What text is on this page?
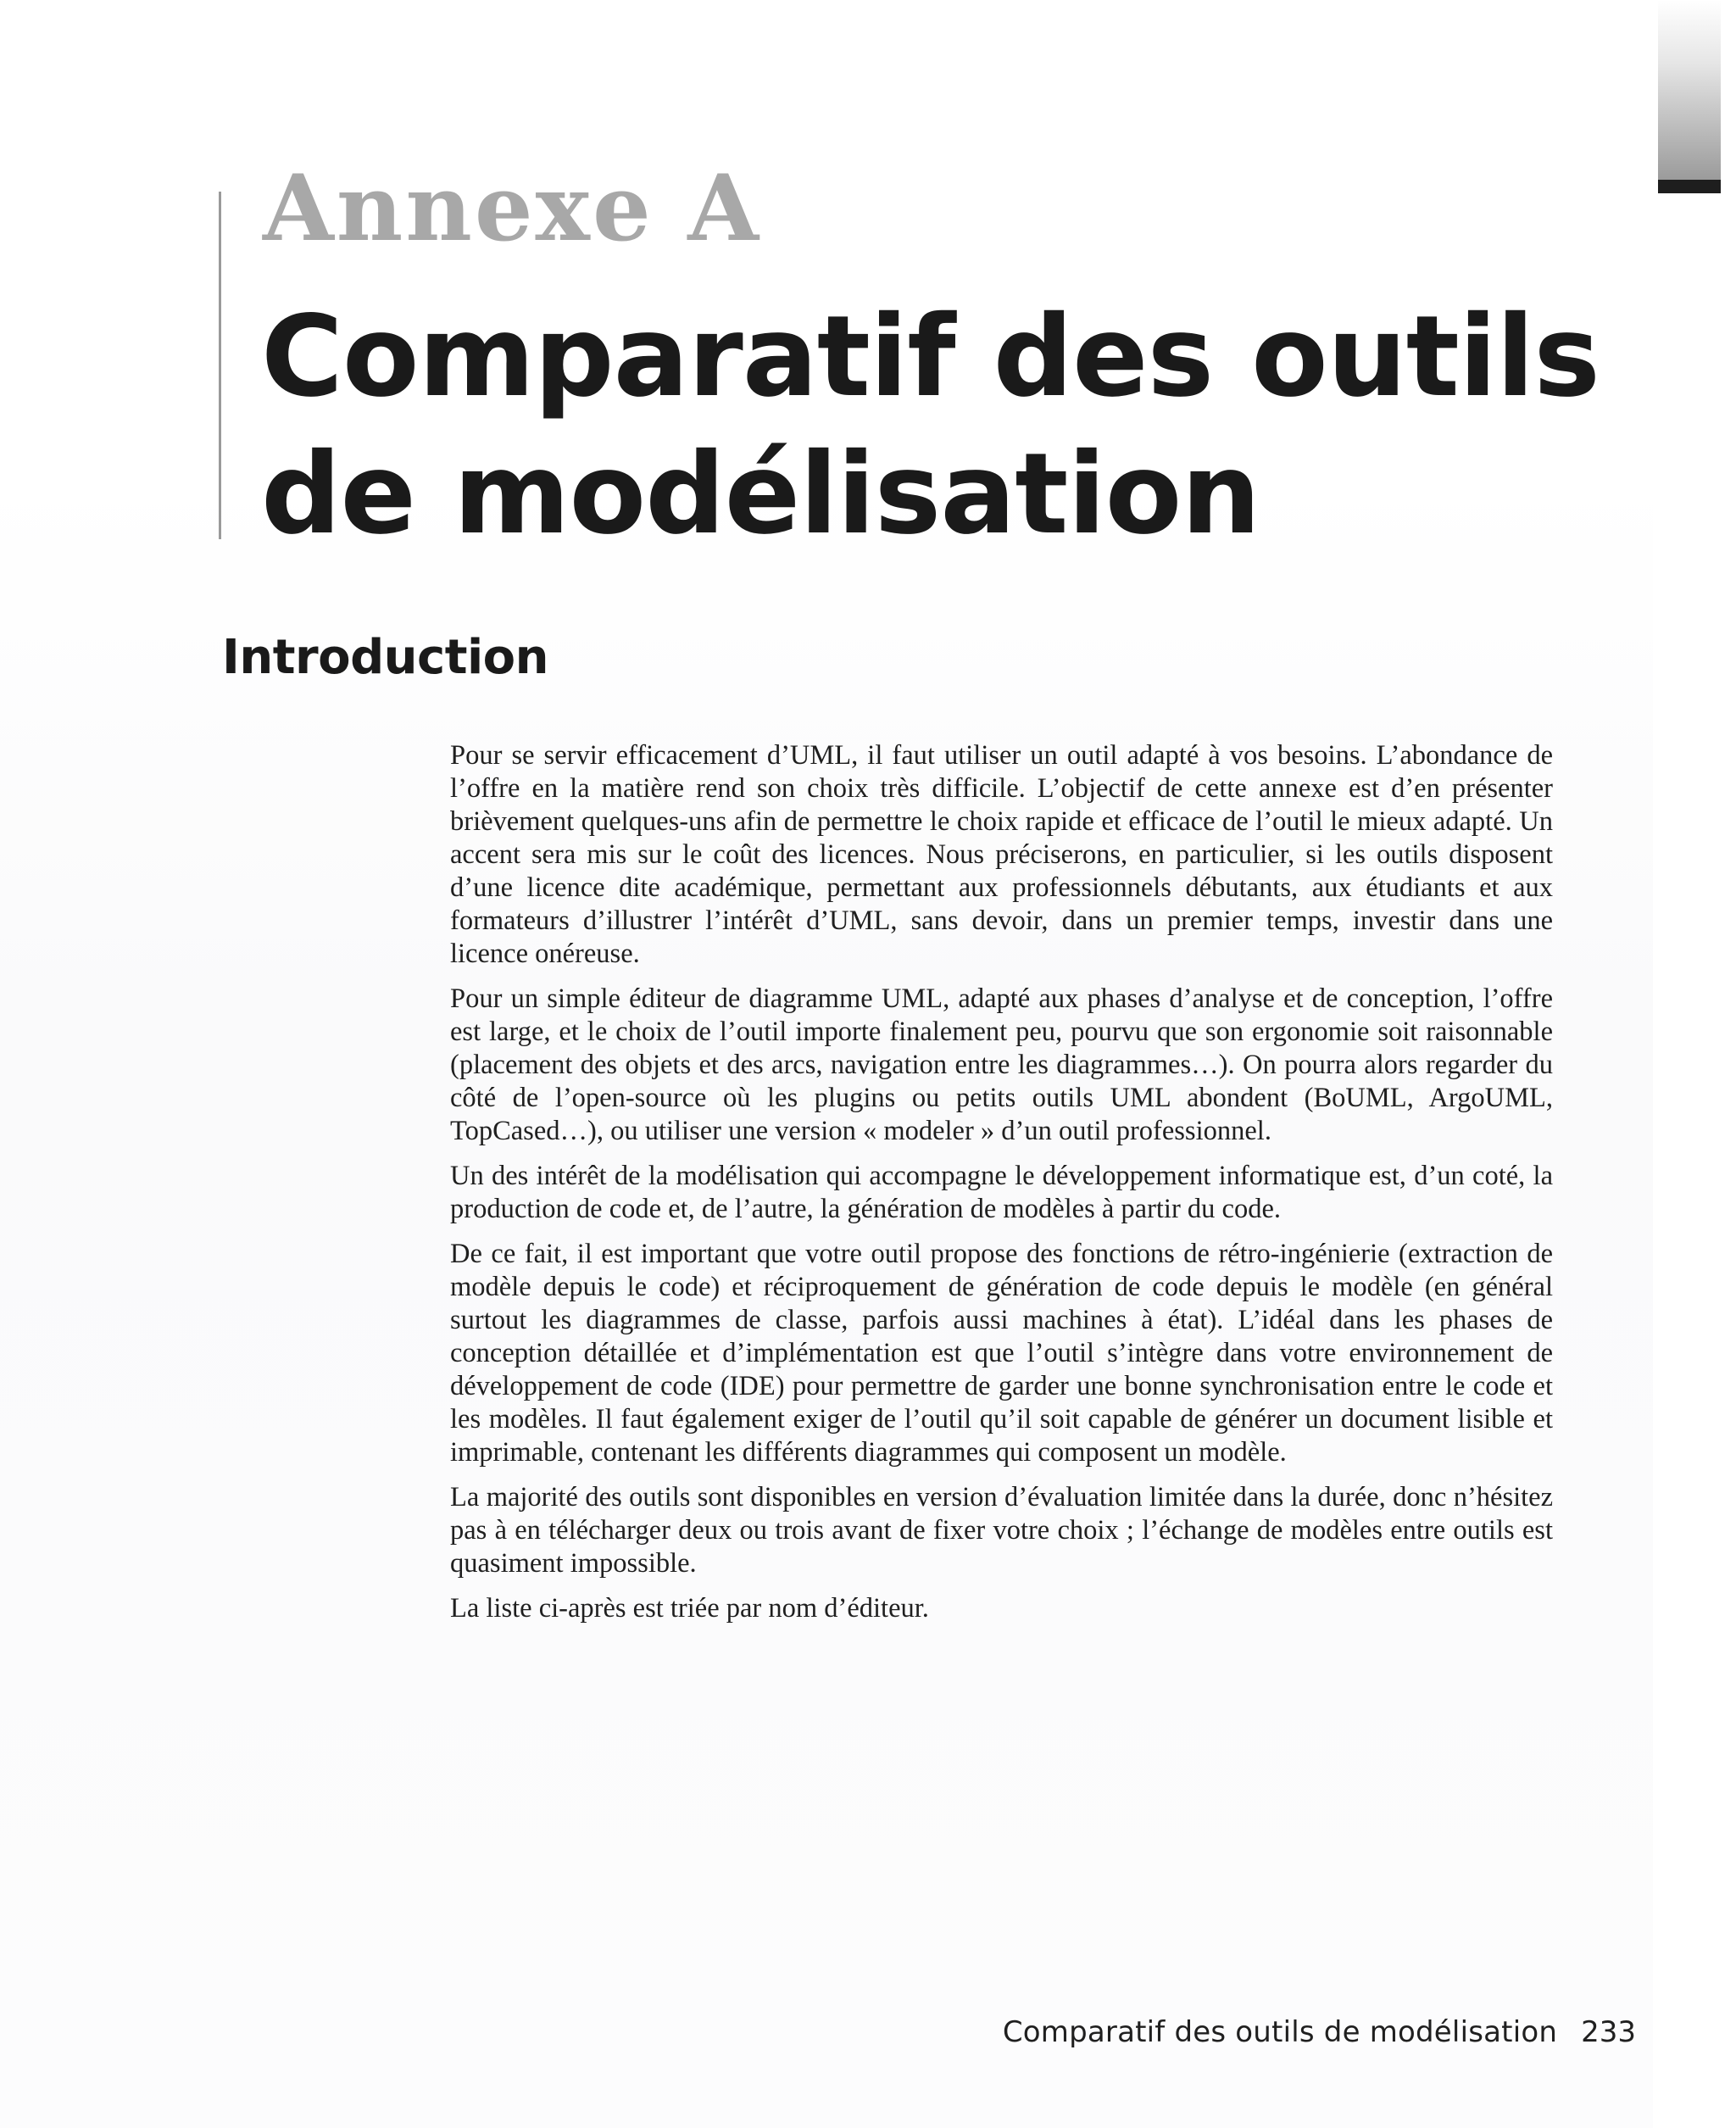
Annexe A
Comparatif des outils
de modélisation
Introduction

Pour se servir efficacement d’UML, il faut utiliser un outil adapté à vos besoins. L’abondance de l’offre en la matière rend son choix très difficile. L’objectif de cette annexe est d’en présenter brièvement quelques-uns afin de permettre le choix rapide et efficace de l’outil le mieux adapté. Un accent sera mis sur le coût des licences. Nous préciserons, en particulier, si les outils disposent d’une licence dite académique, permettant aux professionnels débutants, aux étudiants et aux formateurs d’illustrer l’intérêt d’UML, sans devoir, dans un premier temps, investir dans une licence onéreuse.

Pour un simple éditeur de diagramme UML, adapté aux phases d’analyse et de conception, l’offre est large, et le choix de l’outil importe finalement peu, pourvu que son ergonomie soit raisonnable (placement des objets et des arcs, navigation entre les diagrammes…). On pourra alors regarder du côté de l’open-source où les plugins ou petits outils UML abondent (BoUML, ArgoUML, TopCased…), ou utiliser une version « modeler » d’un outil professionnel.

Un des intérêt de la modélisation qui accompagne le développement informatique est, d’un coté, la production de code et, de l’autre, la génération de modèles à partir du code.

De ce fait, il est important que votre outil propose des fonctions de rétro-ingénierie (extraction de modèle depuis le code) et réciproquement de génération de code depuis le modèle (en général surtout les diagrammes de classe, parfois aussi machines à état). L’idéal dans les phases de conception détaillée et d’implémentation est que l’outil s’intègre dans votre environnement de développement de code (IDE) pour permettre de garder une bonne synchronisation entre le code et les modèles. Il faut également exiger de l’outil qu’il soit capable de générer un document lisible et imprimable, contenant les différents diagrammes qui composent un modèle.

La majorité des outils sont disponibles en version d’évaluation limitée dans la durée, donc n’hésitez pas à en télécharger deux ou trois avant de fixer votre choix ; l’échange de modèles entre outils est quasiment impossible.

La liste ci-après est triée par nom d’éditeur.

Comparatif des outils de modélisation 233
